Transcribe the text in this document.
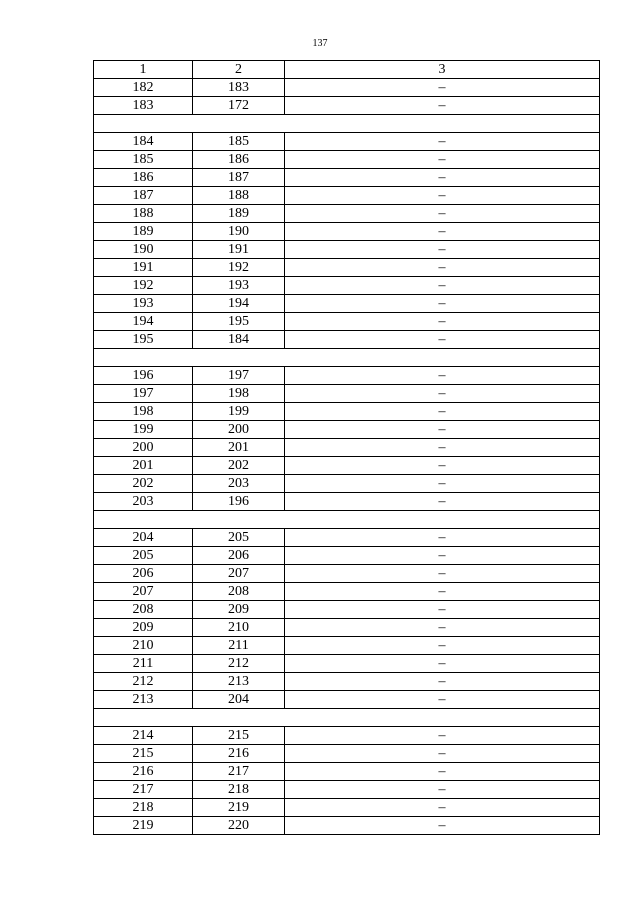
137
1	2	3
182	183	–
183	172	–

184	185	–
185	186	–
186	187	–
187	188	–
188	189	–
189	190	–
190	191	–
191	192	–
192	193	–
193	194	–
194	195	–
195	184	–

196	197	–
197	198	–
198	199	–
199	200	–
200	201	–
201	202	–
202	203	–
203	196	–

204	205	–
205	206	–
206	207	–
207	208	–
208	209	–
209	210	–
210	211	–
211	212	–
212	213	–
213	204	–

214	215	–
215	216	–
216	217	–
217	218	–
218	219	–
219	220	–
